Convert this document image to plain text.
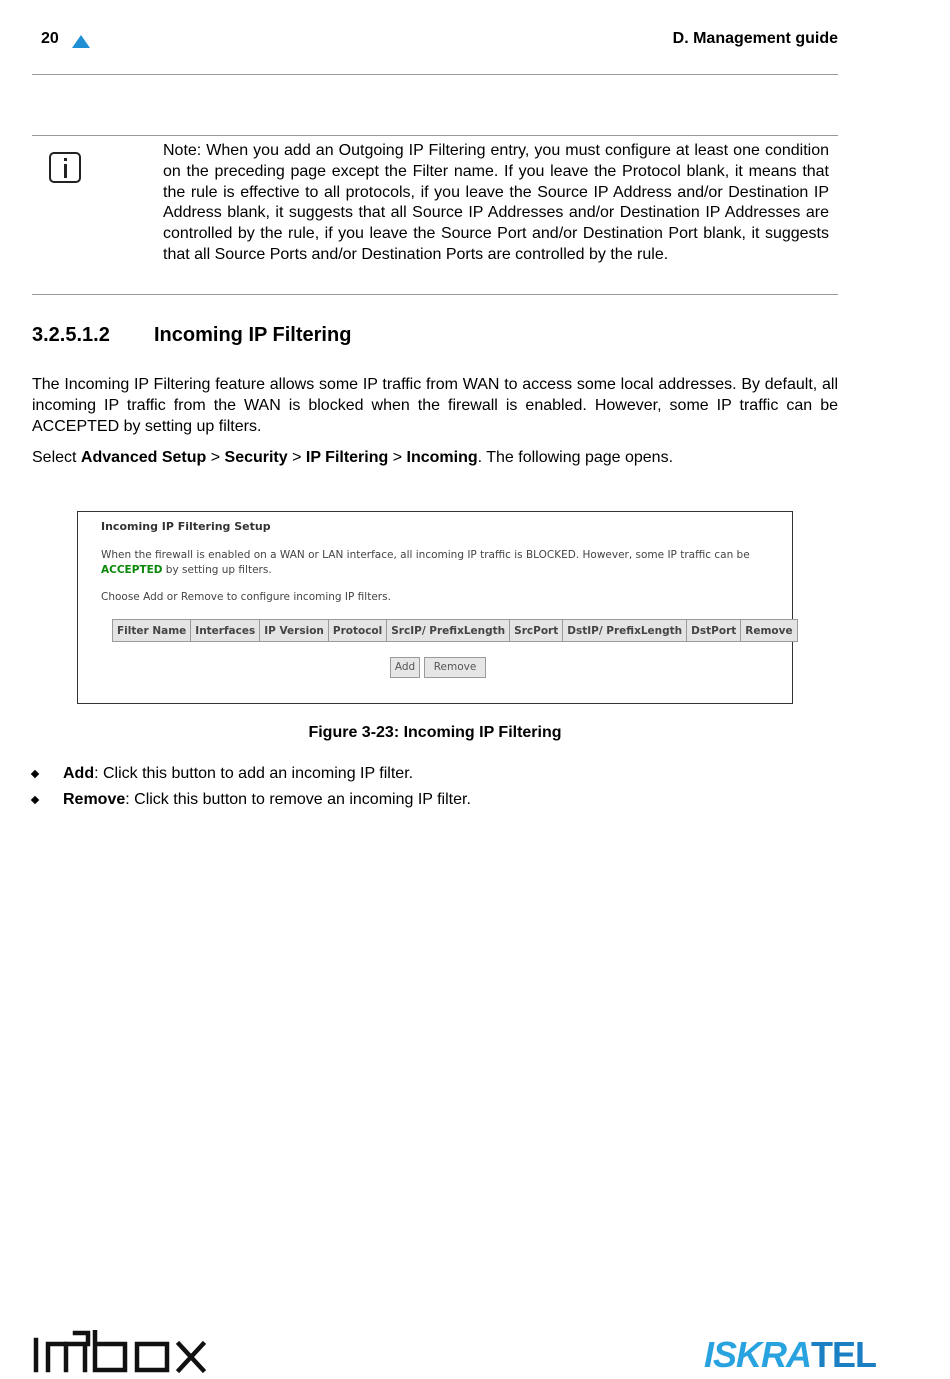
20	D. Management guide
Note: When you add an Outgoing IP Filtering entry, you must configure at least one condition on the preceding page except the Filter name. If you leave the Protocol blank, it means that the rule is effective to all protocols, if you leave the Source IP Address and/or Destination IP Address blank, it suggests that all Source IP Addresses and/or Destination IP Addresses are controlled by the rule, if you leave the Source Port and/or Destination Port blank, it suggests that all Source Ports and/or Destination Ports are controlled by the rule.
3.2.5.1.2 Incoming IP Filtering
The Incoming IP Filtering feature allows some IP traffic from WAN to access some local addresses. By default, all incoming IP traffic from the WAN is blocked when the firewall is enabled. However, some IP traffic can be ACCEPTED by setting up filters.
Select Advanced Setup > Security > IP Filtering > Incoming. The following page opens.
Incoming IP Filtering Setup
When the firewall is enabled on a WAN or LAN interface, all incoming IP traffic is BLOCKED. However, some IP traffic can be
ACCEPTED by setting up filters.
Choose Add or Remove to configure incoming IP filters.
Filter Name	Interfaces	IP Version	Protocol	SrcIP/ PrefixLength	SrcPort	DstIP/ PrefixLength	DstPort	Remove
Add	Remove
Figure 3-23: Incoming IP Filtering
Add: Click this button to add an incoming IP filter.
Remove: Click this button to remove an incoming IP filter.
ISKRATEL
